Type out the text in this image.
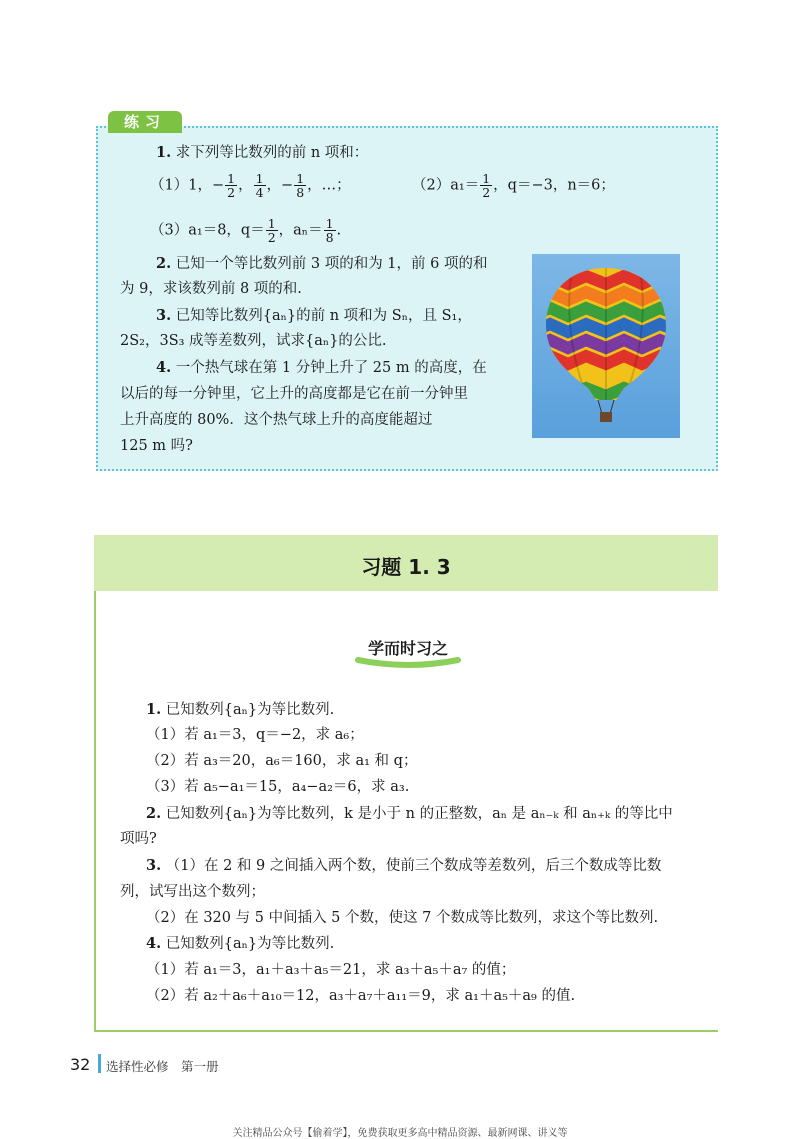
练习
1. 求下列等比数列的前 n 项和：
（1）1，− $\frac{1}{2}$ ， $\frac{1}{4}$ ，− $\frac{1}{8}$ ，…；	$(2)a_1= \frac{1}{2}$ ，q＝−3，n＝6；
（3）a₁＝8，$q= \frac{1}{2}$ ，$a_n= \frac{1}{8}$ .
2. 已知一个等比数列前 3 项的和为 1，前 6 项的和
为 9，求该数列前 8 项的和.
3. 已知等比数列{aₙ}的前 n 项和为 Sₙ，且 S₁，
2S₂，3S₃ 成等差数列，试求{aₙ}的公比.
4. 一个热气球在第 1 分钟上升了 25 m 的高度，在
以后的每一分钟里，它上升的高度都是它在前一分钟里
上升高度的 80%．这个热气球上升的高度能超过
125 m 吗?
习题 1. 3
学而时习之
1. 已知数列{aₙ}为等比数列.
（1）若 a₁＝3，q＝−2，求 a₆；
（2）若 a₃＝20，a₆＝160，求 a₁ 和 q；
（3）若 a₅−a₁＝15，a₄−a₂＝6，求 a₃.
2. 已知数列{aₙ}为等比数列，k 是小于 n 的正整数，aₙ 是 aₙ₋ₖ 和 aₙ₊ₖ 的等比中
项吗?
3. （1）在 2 和 9 之间插入两个数，使前三个数成等差数列，后三个数成等比数
列，试写出这个数列；
（2）在 320 与 5 中间插入 5 个数，使这 7 个数成等比数列，求这个等比数列.
4. 已知数列{aₙ}为等比数列.
（1）若 a₁＝3，a₁＋a₃＋a₅＝21，求 a₃＋a₅＋a₇ 的值；
（2）若 a₂＋a₆＋a₁₀＝12，a₃＋a₇＋a₁₁＝9，求 a₁＋a₅＋a₉ 的值.
32 选择性必修　第一册
关注精品公众号【偷着学】，免费获取更多高中精品资源、最新网课、讲义等
